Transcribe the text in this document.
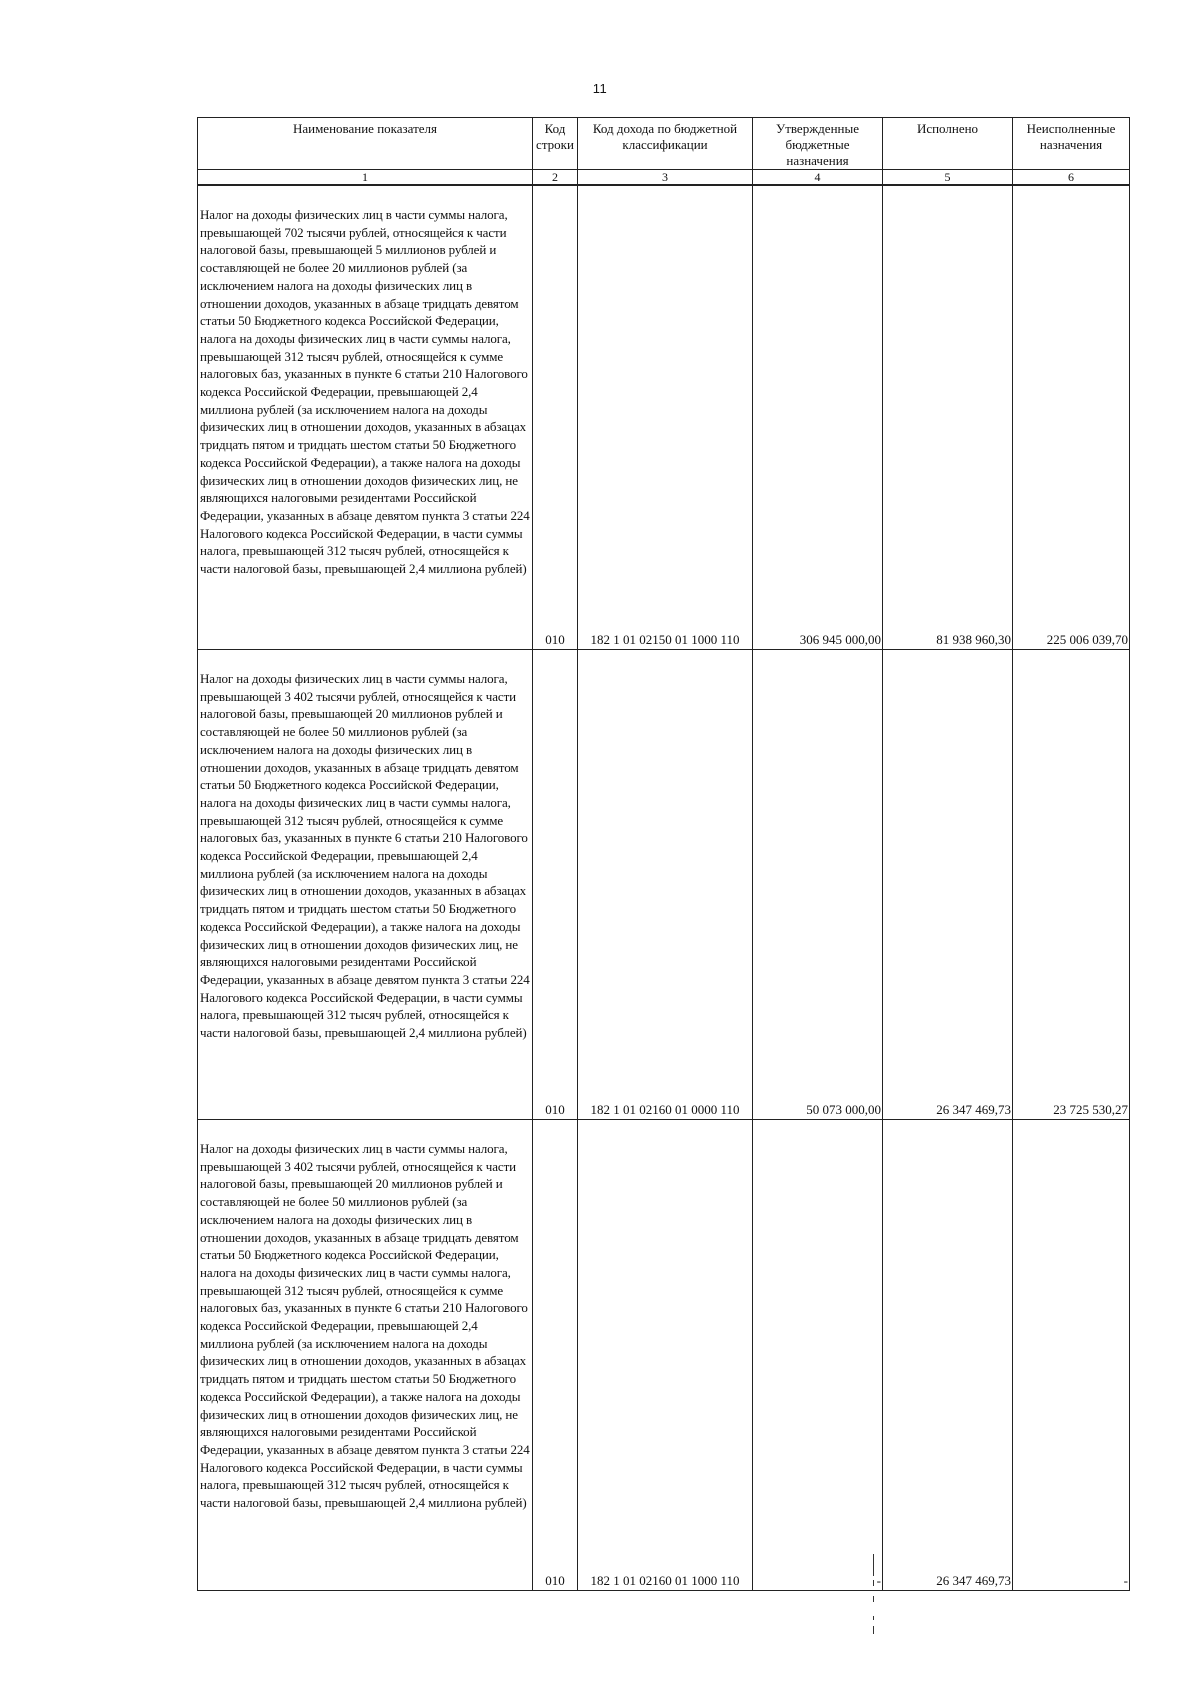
11
Наименование показателя	Код строки	Код дохода по бюджетной классификации	Утвержденные бюджетные назначения	Исполнено	Неисполненные назначения
1	2	3	4	5	6
Налог на доходы физических лиц в части суммы налога, превышающей 702 тысячи рублей, относящейся к части налоговой базы, превышающей 5 миллионов рублей и составляющей не более 20 миллионов рублей (за исключением налога на доходы физических лиц в отношении доходов, указанных в абзаце тридцать девятом статьи 50 Бюджетного кодекса Российской Федерации, налога на доходы физических лиц в части суммы налога, превышающей 312 тысяч рублей, относящейся к сумме налоговых баз, указанных в пункте 6 статьи 210 Налогового кодекса Российской Федерации, превышающей 2,4 миллиона рублей (за исключением налога на доходы физических лиц в отношении доходов, указанных в абзацах тридцать пятом и тридцать шестом статьи 50 Бюджетного кодекса Российской Федерации), а также налога на доходы физических лиц в отношении доходов физических лиц, не являющихся налоговыми резидентами Российской Федерации, указанных в абзаце девятом пункта 3 статьи 224 Налогового кодекса Российской Федерации, в части суммы налога, превышающей 312 тысяч рублей, относящейся к части налоговой базы, превышающей 2,4 миллиона рублей)	010	182 1 01 02150 01 1000 110	306 945 000,00	81 938 960,30	225 006 039,70
Налог на доходы физических лиц в части суммы налога, превышающей 3 402 тысячи рублей, относящейся к части налоговой базы, превышающей 20 миллионов рублей и составляющей не более 50 миллионов рублей (за исключением налога на доходы физических лиц в отношении доходов, указанных в абзаце тридцать девятом статьи 50 Бюджетного кодекса Российской Федерации, налога на доходы физических лиц в части суммы налога, превышающей 312 тысяч рублей, относящейся к сумме налоговых баз, указанных в пункте 6 статьи 210 Налогового кодекса Российской Федерации, превышающей 2,4 миллиона рублей (за исключением налога на доходы физических лиц в отношении доходов, указанных в абзацах тридцать пятом и тридцать шестом статьи 50 Бюджетного кодекса Российской Федерации), а также налога на доходы физических лиц в отношении доходов физических лиц, не являющихся налоговыми резидентами Российской Федерации, указанных в абзаце девятом пункта 3 статьи 224 Налогового кодекса Российской Федерации, в части суммы налога, превышающей 312 тысяч рублей, относящейся к части налоговой базы, превышающей 2,4 миллиона рублей)	010	182 1 01 02160 01 0000 110	50 073 000,00	26 347 469,73	23 725 530,27
Налог на доходы физических лиц в части суммы налога, превышающей 3 402 тысячи рублей, относящейся к части налоговой базы, превышающей 20 миллионов рублей и составляющей не более 50 миллионов рублей (за исключением налога на доходы физических лиц в отношении доходов, указанных в абзаце тридцать девятом статьи 50 Бюджетного кодекса Российской Федерации, налога на доходы физических лиц в части суммы налога, превышающей 312 тысяч рублей, относящейся к сумме налоговых баз, указанных в пункте 6 статьи 210 Налогового кодекса Российской Федерации, превышающей 2,4 миллиона рублей (за исключением налога на доходы физических лиц в отношении доходов, указанных в абзацах тридцать пятом и тридцать шестом статьи 50 Бюджетного кодекса Российской Федерации), а также налога на доходы физических лиц в отношении доходов физических лиц, не являющихся налоговыми резидентами Российской Федерации, указанных в абзаце девятом пункта 3 статьи 224 Налогового кодекса Российской Федерации, в части суммы налога, превышающей 312 тысяч рублей, относящейся к части налоговой базы, превышающей 2,4 миллиона рублей)	010	182 1 01 02160 01 1000 110	-	26 347 469,73	-
